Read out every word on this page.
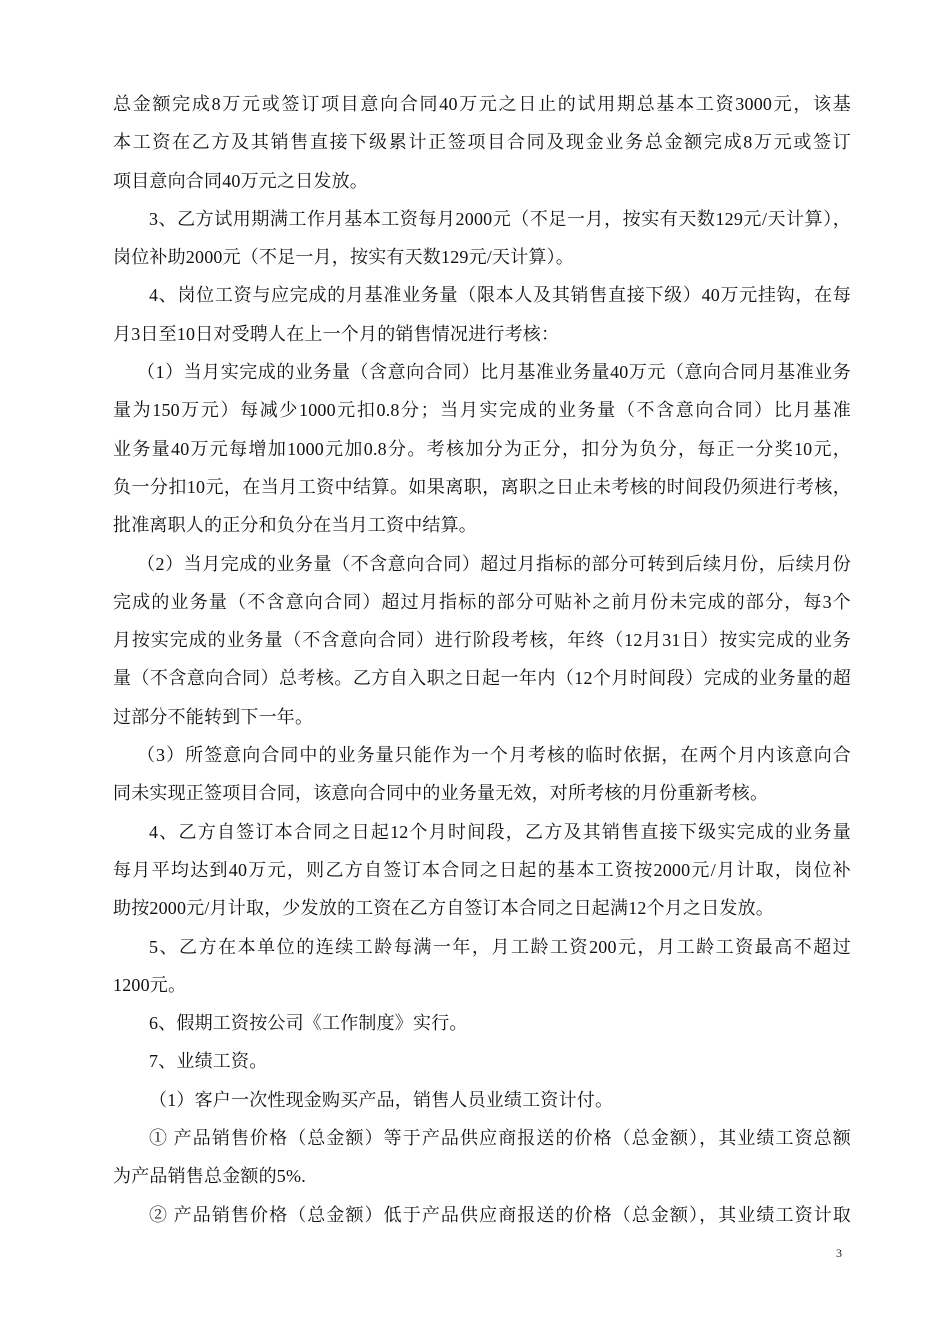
总金额完成8万元或签订项目意向合同40万元之日止的试用期总基本工资3000元，该基
本工资在乙方及其销售直接下级累计正签项目合同及现金业务总金额完成8万元或签订
项目意向合同40万元之日发放。
3、乙方试用期满工作月基本工资每月2000元（不足一月，按实有天数129元/天计算），
岗位补助2000元（不足一月，按实有天数129元/天计算）。
4、岗位工资与应完成的月基准业务量（限本人及其销售直接下级）40万元挂钩，在每
月3日至10日对受聘人在上一个月的销售情况进行考核：
（1）当月实完成的业务量（含意向合同）比月基准业务量40万元（意向合同月基准业务
量为150万元）每减少1000元扣0.8分；当月实完成的业务量（不含意向合同）比月基准
业务量40万元每增加1000元加0.8分。考核加分为正分，扣分为负分，每正一分奖10元，
负一分扣10元，在当月工资中结算。如果离职，离职之日止未考核的时间段仍须进行考核，
批准离职人的正分和负分在当月工资中结算。
（2）当月完成的业务量（不含意向合同）超过月指标的部分可转到后续月份，后续月份
完成的业务量（不含意向合同）超过月指标的部分可贴补之前月份未完成的部分，每3个
月按实完成的业务量（不含意向合同）进行阶段考核，年终（12月31日）按实完成的业务
量（不含意向合同）总考核。乙方自入职之日起一年内（12个月时间段）完成的业务量的超
过部分不能转到下一年。
（3）所签意向合同中的业务量只能作为一个月考核的临时依据，在两个月内该意向合
同未实现正签项目合同，该意向合同中的业务量无效，对所考核的月份重新考核。
4、乙方自签订本合同之日起12个月时间段，乙方及其销售直接下级实完成的业务量
每月平均达到40万元，则乙方自签订本合同之日起的基本工资按2000元/月计取，岗位补
助按2000元/月计取，少发放的工资在乙方自签订本合同之日起满12个月之日发放。
5、乙方在本单位的连续工龄每满一年，月工龄工资200元，月工龄工资最高不超过
1200元。
6、假期工资按公司《工作制度》实行。
7、业绩工资。
（1）客户一次性现金购买产品，销售人员业绩工资计付。
① 产品销售价格（总金额）等于产品供应商报送的价格（总金额），其业绩工资总额
为产品销售总金额的5%.
② 产品销售价格（总金额）低于产品供应商报送的价格（总金额），其业绩工资计取
3
